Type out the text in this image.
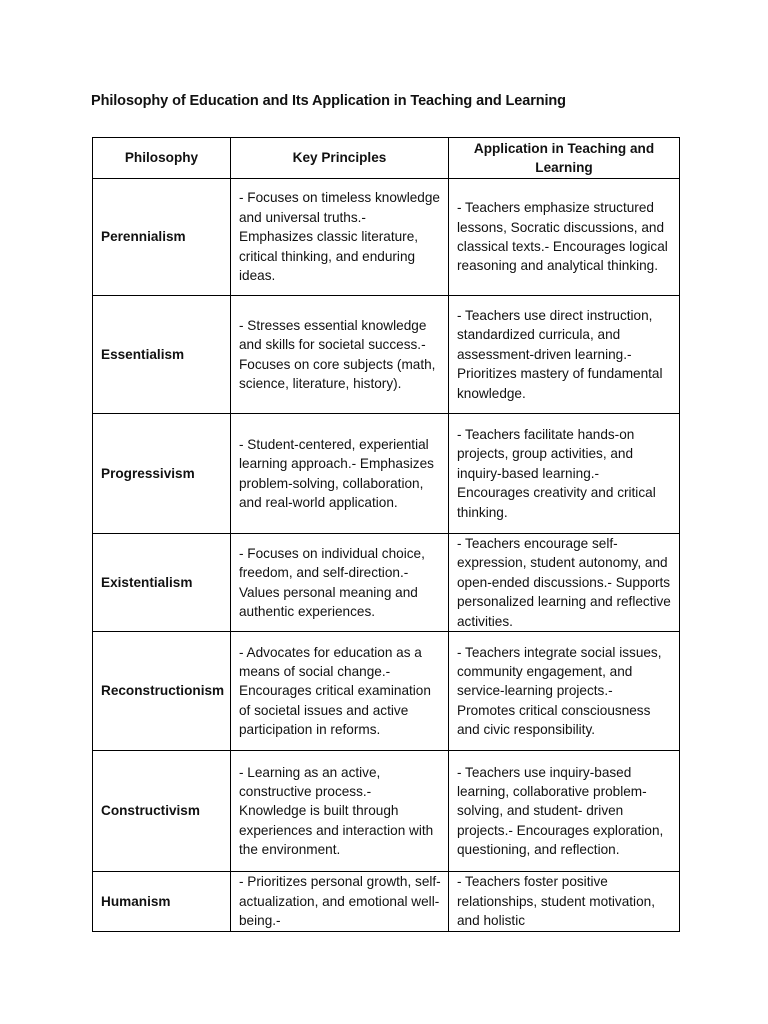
Philosophy of Education and Its Application in Teaching and Learning
Philosophy	Key Principles	Application in Teaching and Learning
Perennialism	- Focuses on timeless knowledge and universal truths.- Emphasizes classic literature, critical thinking, and enduring ideas.	- Teachers emphasize structured lessons, Socratic discussions, and classical texts.- Encourages logical reasoning and analytical thinking.
Essentialism	- Stresses essential knowledge and skills for societal success.- Focuses on core subjects (math, science, literature, history).	- Teachers use direct instruction, standardized curricula, and assessment-driven learning.- Prioritizes mastery of fundamental knowledge.
Progressivism	- Student-centered, experiential learning approach.- Emphasizes problem-solving, collaboration, and real-world application.	- Teachers facilitate hands-on projects, group activities, and inquiry-based learning.- Encourages creativity and critical thinking.
Existentialism	- Focuses on individual choice, freedom, and self-direction.- Values personal meaning and authentic experiences.	- Teachers encourage self-expression, student autonomy, and open-ended discussions.- Supports personalized learning and reflective activities.
Reconstructionism	- Advocates for education as a means of social change.- Encourages critical examination of societal issues and active participation in reforms.	- Teachers integrate social issues, community engagement, and service-learning projects.- Promotes critical consciousness and civic responsibility.
Constructivism	- Learning as an active, constructive process.- Knowledge is built through experiences and interaction with the environment.	- Teachers use inquiry-based learning, collaborative problem-solving, and student- driven projects.- Encourages exploration, questioning, and reflection.
Humanism	- Prioritizes personal growth, self-actualization, and emotional well-being.-	- Teachers foster positive relationships, student motivation, and holistic
